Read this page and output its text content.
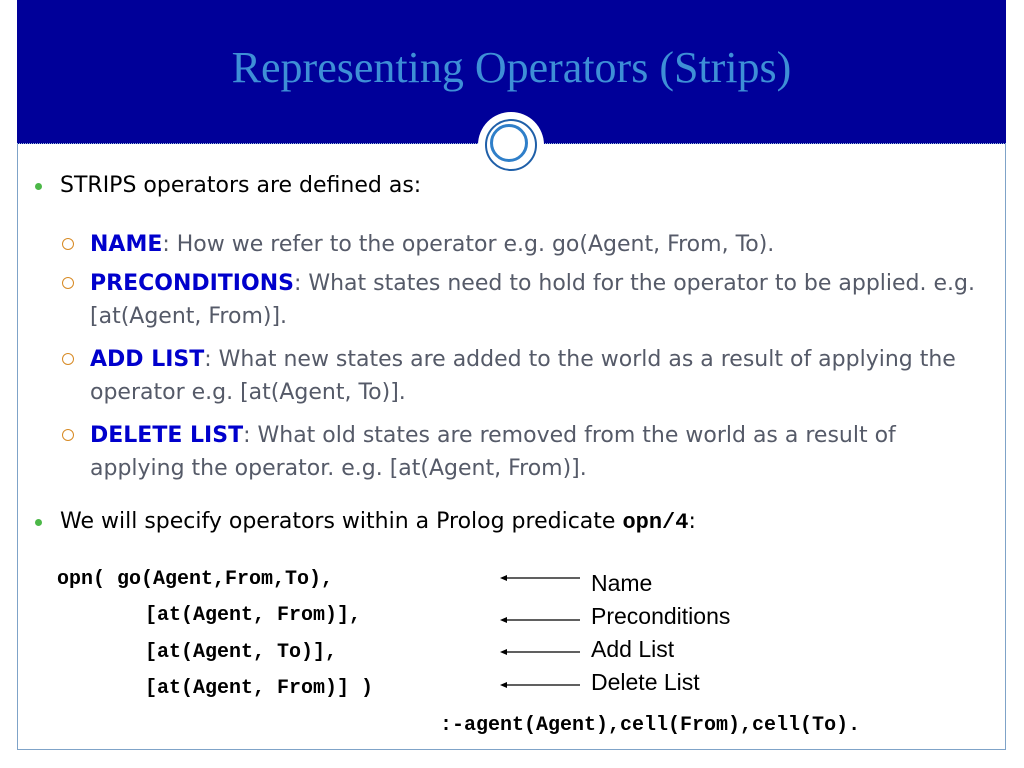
Representing Operators (Strips)
STRIPS operators are defined as:
NAME: How we refer to the operator e.g. go(Agent, From, To).
PRECONDITIONS: What states need to hold for the operator to be applied. e.g. [at(Agent, From)].
ADD LIST: What new states are added to the world as a result of applying the operator e.g. [at(Agent, To)].
DELETE LIST: What old states are removed from the world as a result of applying the operator. e.g. [at(Agent, From)].
We will specify operators within a Prolog predicate opn/4:
opn( go(Agent,From,To),
[at(Agent, From)],
[at(Agent, To)],
[at(Agent, From)] )
:-agent(Agent),cell(From),cell(To).
Name
Preconditions
Add List
Delete List
